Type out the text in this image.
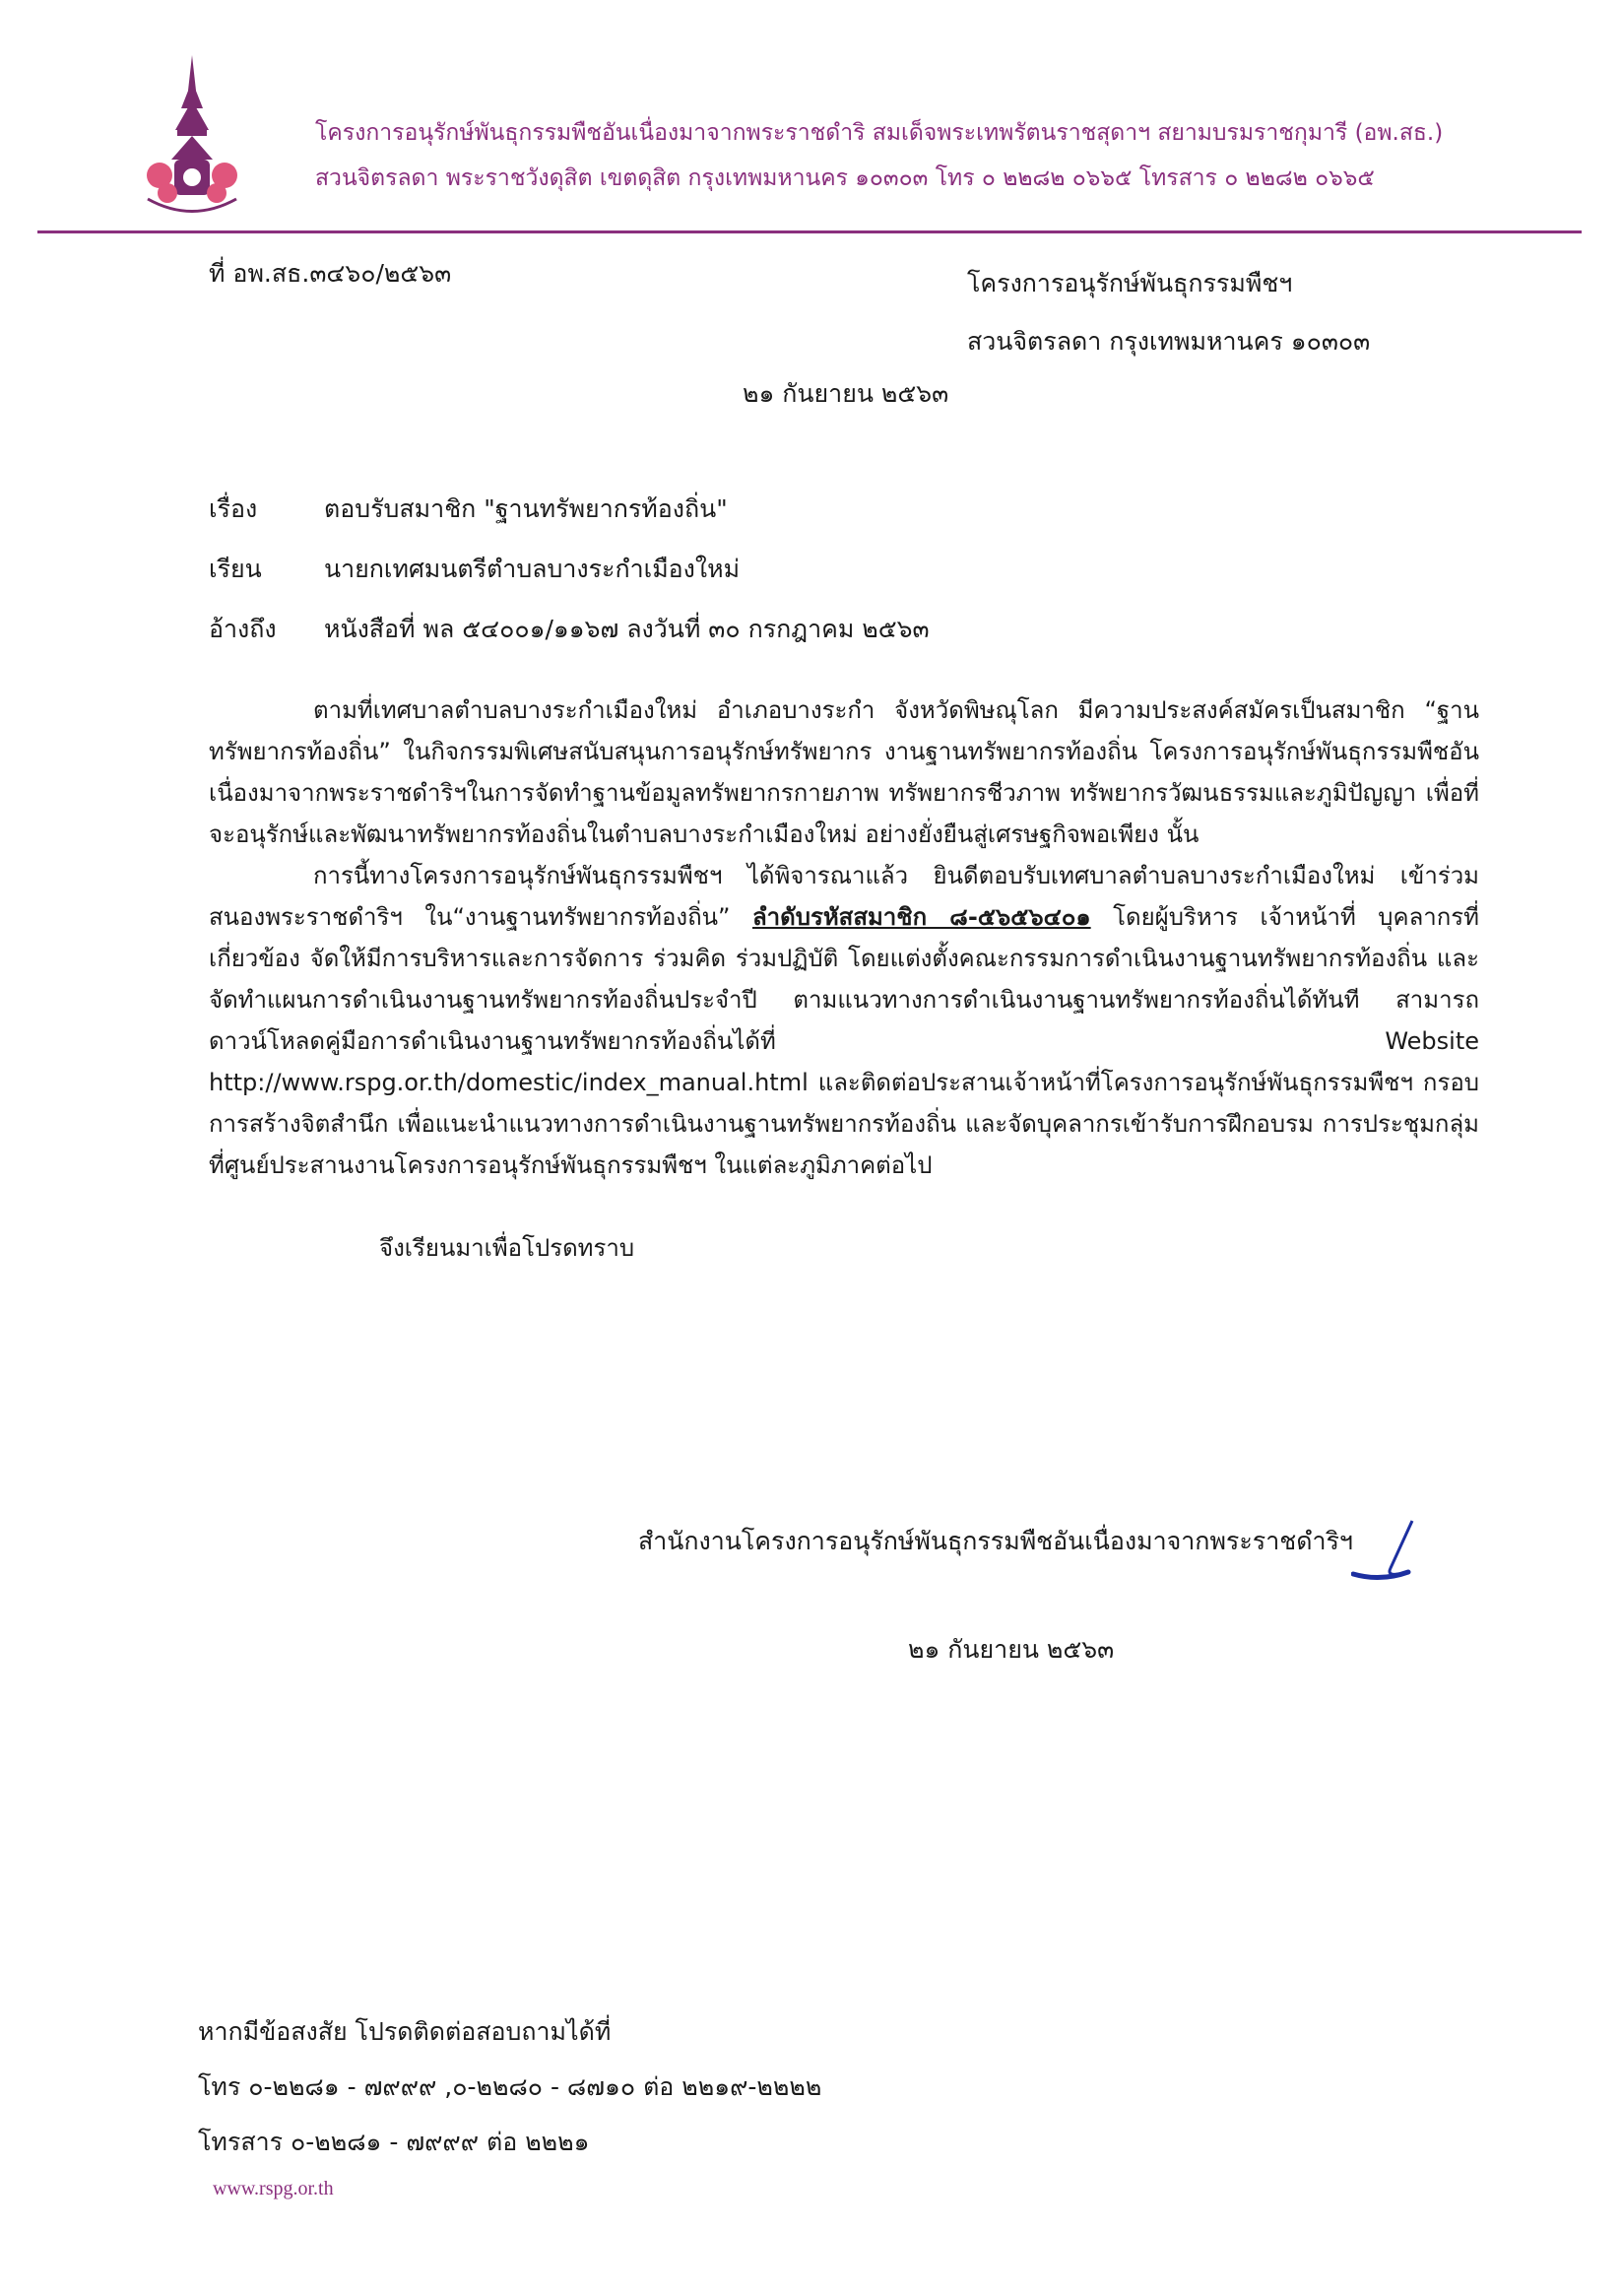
โครงการอนุรักษ์พันธุกรรมพืชอันเนื่องมาจากพระราชดำริ สมเด็จพระเทพรัตนราชสุดาฯ สยามบรมราชกุมารี (อพ.สธ.)
สวนจิตรลดา พระราชวังดุสิต เขตดุสิต กรุงเทพมหานคร ๑๐๓๐๓ โทร ๐ ๒๒๘๒ ๐๖๖๕ โทรสาร ๐ ๒๒๘๒ ๐๖๖๕
ที่ อพ.สธ.๓๔๖๐/๒๕๖๓	โครงการอนุรักษ์พันธุกรรมพืชฯ
สวนจิตรลดา กรุงเทพมหานคร ๑๐๓๐๓
๒๑ กันยายน ๒๕๖๓
เรื่อง	ตอบรับสมาชิก "ฐานทรัพยากรท้องถิ่น"
เรียน	นายกเทศมนตรีตำบลบางระกำเมืองใหม่
อ้างถึง	หนังสือที่ พล ๕๔๐๐๑/๑๑๖๗ ลงวันที่ ๓๐ กรกฎาคม ๒๕๖๓

ตามที่เทศบาลตำบลบางระกำเมืองใหม่ อำเภอบางระกำ จังหวัดพิษณุโลก มีความประสงค์สมัครเป็นสมาชิก “ฐานทรัพยากรท้องถิ่น” ในกิจกรรมพิเศษสนับสนุนการอนุรักษ์ทรัพยากร งานฐานทรัพยากรท้องถิ่น โครงการอนุรักษ์พันธุกรรมพืชอันเนื่องมาจากพระราชดำริฯในการจัดทำฐานข้อมูลทรัพยากรกายภาพ ทรัพยากรชีวภาพ ทรัพยากรวัฒนธรรมและภูมิปัญญา เพื่อที่จะอนุรักษ์และพัฒนาทรัพยากรท้องถิ่นในตำบลบางระกำเมืองใหม่ อย่างยั่งยืนสู่เศรษฐกิจพอเพียง นั้น

การนี้ทางโครงการอนุรักษ์พันธุกรรมพืชฯ ได้พิจารณาแล้ว ยินดีตอบรับเทศบาลตำบลบางระกำเมืองใหม่ เข้าร่วมสนองพระราชดำริฯ ใน“งานฐานทรัพยากรท้องถิ่น” ลำดับรหัสสมาชิก ๘-๕๖๕๖๔๐๑ โดยผู้บริหาร เจ้าหน้าที่ บุคลากรที่เกี่ยวข้อง จัดให้มีการบริหารและการจัดการ ร่วมคิด ร่วมปฏิบัติ โดยแต่งตั้งคณะกรรมการดำเนินงานฐานทรัพยากรท้องถิ่น และจัดทำแผนการดำเนินงานฐานทรัพยากรท้องถิ่นประจำปี ตามแนวทางการดำเนินงานฐานทรัพยากรท้องถิ่นได้ทันที สามารถดาวน์โหลดคู่มือการดำเนินงานฐานทรัพยากรท้องถิ่นได้ที่ Website http://www.rspg.or.th/domestic/index_manual.html และติดต่อประสานเจ้าหน้าที่โครงการอนุรักษ์พันธุกรรมพืชฯ กรอบการสร้างจิตสำนึก เพื่อแนะนำแนวทางการดำเนินงานฐานทรัพยากรท้องถิ่น และจัดบุคลากรเข้ารับการฝึกอบรม การประชุมกลุ่ม ที่ศูนย์ประสานงานโครงการอนุรักษ์พันธุกรรมพืชฯ ในแต่ละภูมิภาคต่อไป

จึงเรียนมาเพื่อโปรดทราบ

สำนักงานโครงการอนุรักษ์พันธุกรรมพืชอันเนื่องมาจากพระราชดำริฯ
๒๑ กันยายน ๒๕๖๓
หากมีข้อสงสัย โปรดติดต่อสอบถามได้ที่
โทร ๐-๒๒๘๑ - ๗๙๙๙ ,๐-๒๒๘๐ - ๘๗๑๐ ต่อ ๒๒๑๙-๒๒๒๒
โทรสาร ๐-๒๒๘๑ - ๗๙๙๙ ต่อ ๒๒๒๑
www.rspg.or.th
